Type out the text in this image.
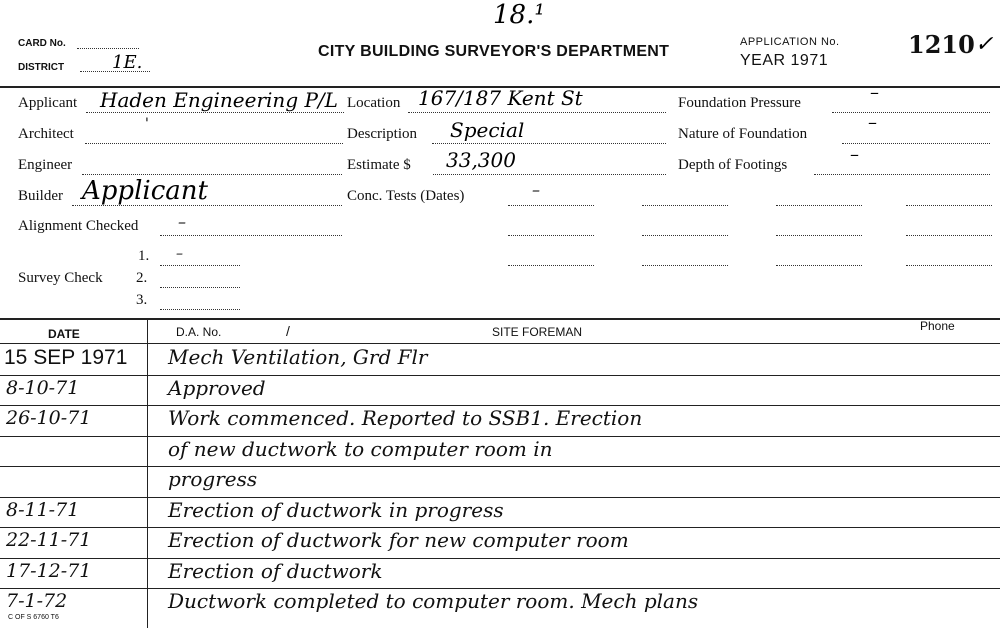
18.¹
CARD No.
DISTRICT	1E.
CITY BUILDING SURVEYOR'S DEPARTMENT
APPLICATION No.
YEAR 1971
1210 ✓
Applicant Haden Engineering P/L
Architect
'
Engineer
Builder Applicant
Alignment Checked –
Survey Check
1. –
2.
3.
Location 167/187 Kent St
Description Special
Estimate $ 33,300
Conc. Tests (Dates)	–
Foundation Pressure	–
Nature of Foundation
–
Depth of Footings	–
DATE	D.A. No.	/	SITE FOREMAN	Phone
15 SEP 1971 Mech Ventilation, Grd Flr
8-10-71	Approved
26-10-71	Work commenced. Reported to SSB1. Erection
of new ductwork to computer room in
progress
8-11-71	Erection of ductwork in progress
22-11-71	Erection of ductwork for new computer room
17-12-71	Erection of ductwork
7-1-72	Ductwork completed to computer room. Mech plans
C OF S 6760 T6
